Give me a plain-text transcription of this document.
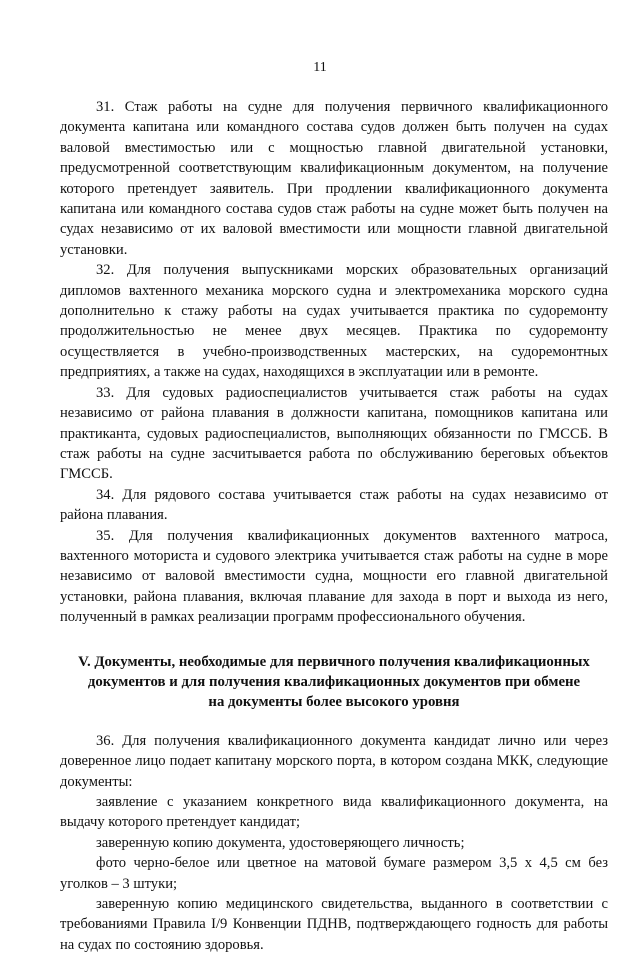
11

31. Стаж работы на судне для получения первичного квалификационного документа капитана или командного состава судов должен быть получен на судах валовой вместимостью или с мощностью главной двигательной установки, предусмотренной соответствующим квалификационным документом, на получение которого претендует заявитель. При продлении квалификационного документа капитана или командного состава судов стаж работы на судне может быть получен на судах независимо от их валовой вместимости или мощности главной двигательной установки.

32. Для получения выпускниками морских образовательных организаций дипломов вахтенного механика морского судна и электромеханика морского судна дополнительно к стажу работы на судах учитывается практика по судоремонту продолжительностью не менее двух месяцев. Практика по судоремонту осуществляется в учебно-производственных мастерских, на судоремонтных предприятиях, а также на судах, находящихся в эксплуатации или в ремонте.

33. Для судовых радиоспециалистов учитывается стаж работы на судах независимо от района плавания в должности капитана, помощников капитана или практиканта, судовых радиоспециалистов, выполняющих обязанности по ГМССБ. В стаж работы на судне засчитывается работа по обслуживанию береговых объектов ГМССБ.

34. Для рядового состава учитывается стаж работы на судах независимо от района плавания.

35. Для получения квалификационных документов вахтенного матроса, вахтенного моториста и судового электрика учитывается стаж работы на судне в море независимо от валовой вместимости судна, мощности его главной двигательной установки, района плавания, включая плавание для захода в порт и выхода из него, полученный в рамках реализации программ профессионального обучения.

V. Документы, необходимые для первичного получения квалификационных
документов и для получения квалификационных документов при обмене
на документы более высокого уровня

36. Для получения квалификационного документа кандидат лично или через доверенное лицо подает капитану морского порта, в котором создана МКК, следующие документы:

заявление с указанием конкретного вида квалификационного документа, на выдачу которого претендует кандидат;

заверенную копию документа, удостоверяющего личность;

фото черно-белое или цветное на матовой бумаге размером 3,5 х 4,5 см без уголков – 3 штуки;

заверенную копию медицинского свидетельства, выданного в соответствии с требованиями Правила I/9 Конвенции ПДНВ, подтверждающего годность для работы на судах по состоянию здоровья.
